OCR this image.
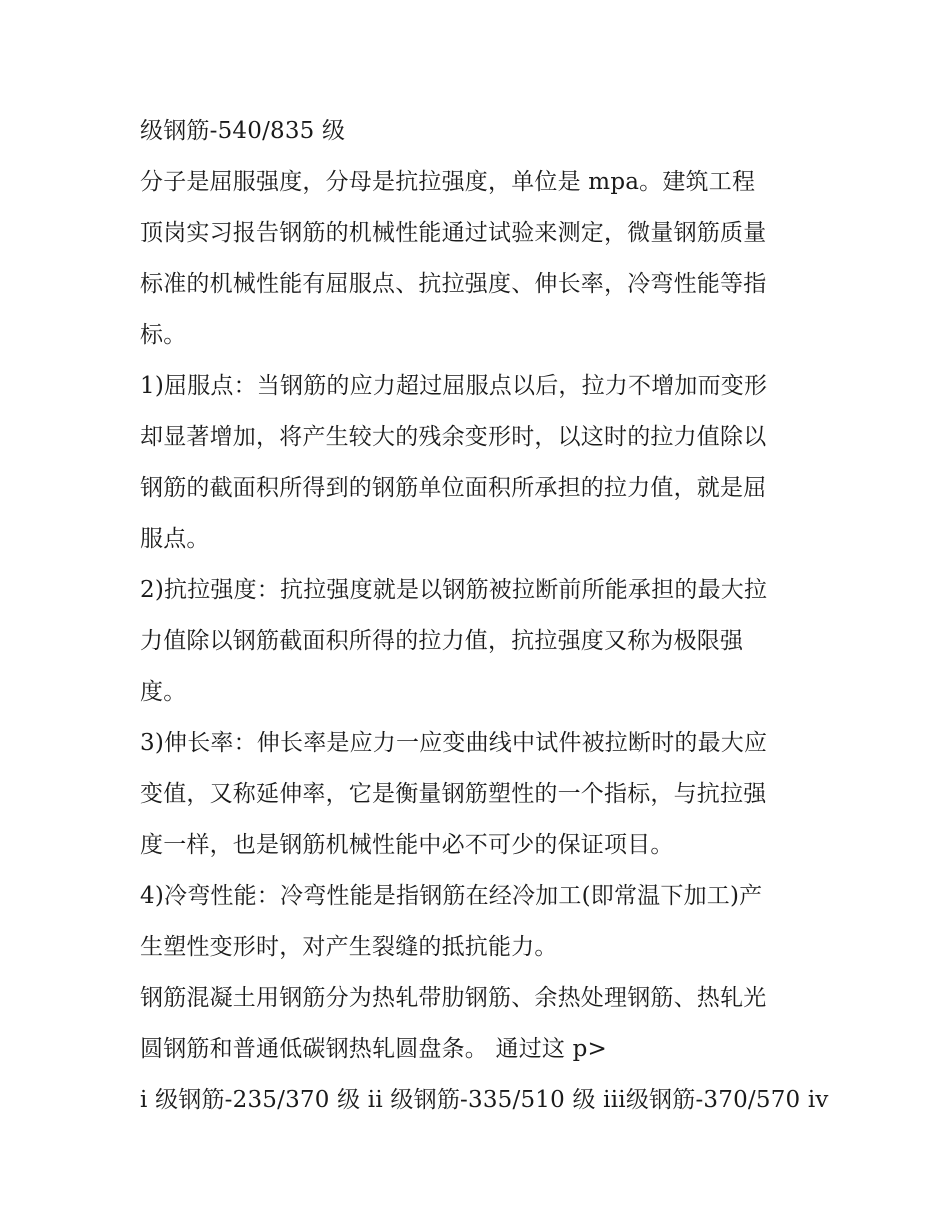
级钢筋-540/835 级
分子是屈服强度，分母是抗拉强度，单位是 mpa。建筑工程
顶岗实习报告钢筋的机械性能通过试验来测定，微量钢筋质量
标准的机械性能有屈服点、抗拉强度、伸长率，冷弯性能等指
标。
1)屈服点：当钢筋的应力超过屈服点以后，拉力不增加而变形
却显著增加，将产生较大的残余变形时，以这时的拉力值除以
钢筋的截面积所得到的钢筋单位面积所承担的拉力值，就是屈
服点。
2)抗拉强度：抗拉强度就是以钢筋被拉断前所能承担的最大拉
力值除以钢筋截面积所得的拉力值，抗拉强度又称为极限强
度。
3)伸长率：伸长率是应力一应变曲线中试件被拉断时的最大应
变值，又称延伸率，它是衡量钢筋塑性的一个指标，与抗拉强
度一样，也是钢筋机械性能中必不可少的保证项目。
4)冷弯性能：冷弯性能是指钢筋在经冷加工(即常温下加工)产
生塑性变形时，对产生裂缝的抵抗能力。
钢筋混凝土用钢筋分为热轧带肋钢筋、余热处理钢筋、热轧光
圆钢筋和普通低碳钢热轧圆盘条。 通过这 p>
i 级钢筋-235/370 级 ii 级钢筋-335/510 级 iii级钢筋-370/570 iv
